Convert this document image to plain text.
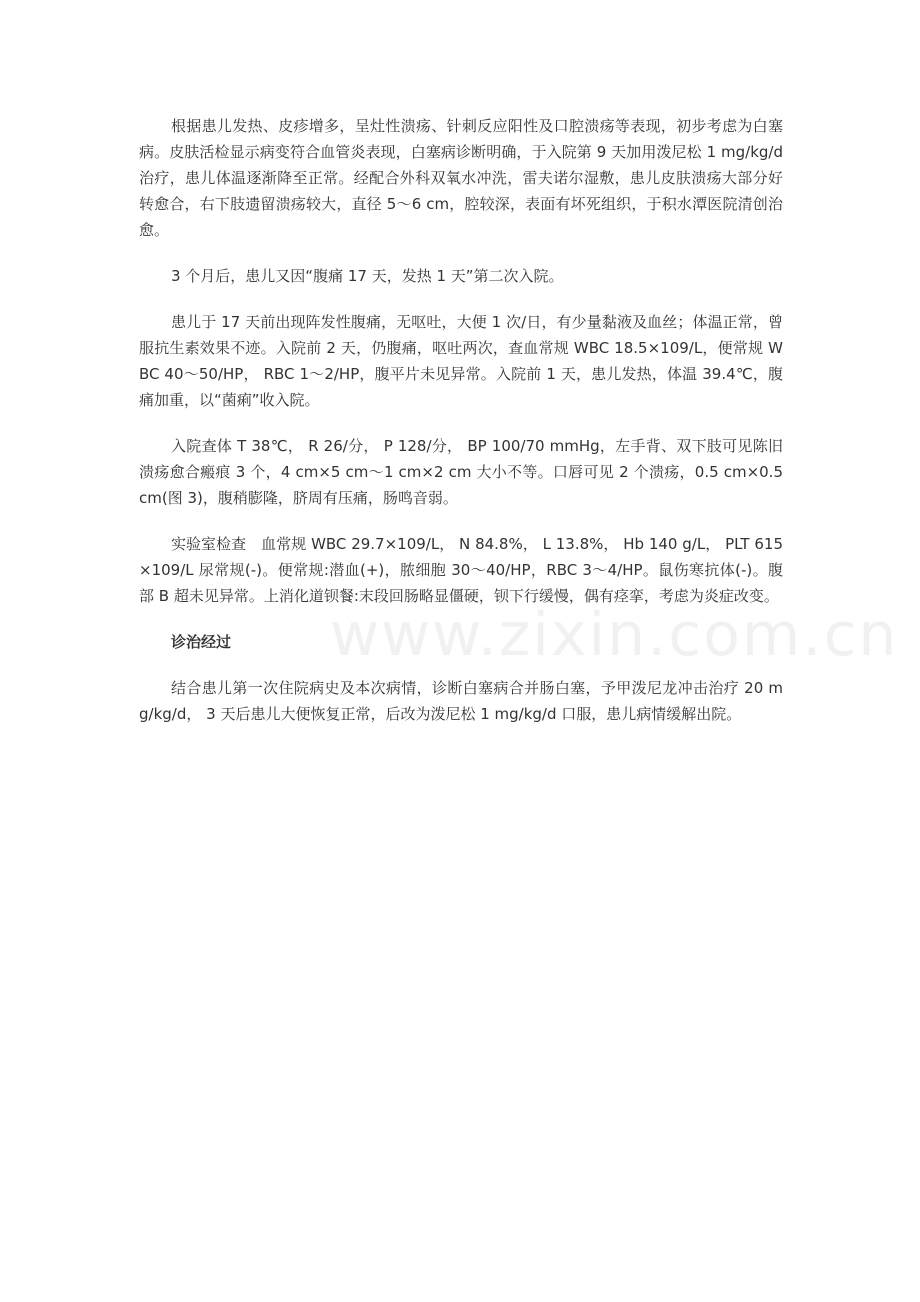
根据患儿发热、皮疹增多，呈灶性溃疡、针刺反应阳性及口腔溃疡等表现，初步考虑为白塞病。皮肤活检显示病变符合血管炎表现，白塞病诊断明确，于入院第 9 天加用泼尼松 1 mg/kg/d 治疗，患儿体温逐渐降至正常。经配合外科双氧水冲洗，雷夫诺尔湿敷，患儿皮肤溃疡大部分好转愈合，右下肢遗留溃疡较大，直径 5～6 cm，腔较深，表面有坏死组织，于积水潭医院清创治愈。

3 个月后，患儿又因“腹痛 17 天，发热 1 天”第二次入院。

患儿于 17 天前出现阵发性腹痛，无呕吐，大便 1 次/日，有少量黏液及血丝；体温正常，曾服抗生素效果不迹。入院前 2 天，仍腹痛，呕吐两次，查血常规 WBC 18.5×109/L，便常规 WBC 40～50/HP， RBC 1～2/HP，腹平片未见异常。入院前 1 天，患儿发热，体温 39.4℃，腹痛加重，以“菌痢”收入院。

入院查体 T 38℃， R 26/分， P 128/分， BP 100/70 mmHg，左手背、双下肢可见陈旧溃疡愈合瘢痕 3 个，4 cm×5 cm～1 cm×2 cm 大小不等。口唇可见 2 个溃疡，0.5 cm×0.5 cm(图 3)，腹稍膨隆，脐周有压痛，肠鸣音弱。

实验室检查　血常规 WBC 29.7×109/L， N 84.8%， L 13.8%， Hb 140 g/L， PLT 615×109/L 尿常规(-)。便常规:潜血(+)，脓细胞 30～40/HP，RBC 3～4/HP。鼠伤寒抗体(-)。腹部 B 超未见异常。上消化道钡餐:末段回肠略显僵硬，钡下行缓慢，偶有痉挛，考虑为炎症改变。

诊治经过

结合患儿第一次住院病史及本次病情，诊断白塞病合并肠白塞，予甲泼尼龙冲击治疗 20 mg/kg/d， 3 天后患儿大便恢复正常，后改为泼尼松 1 mg/kg/d 口服，患儿病情缓解出院。

www.zixin.com.cn
